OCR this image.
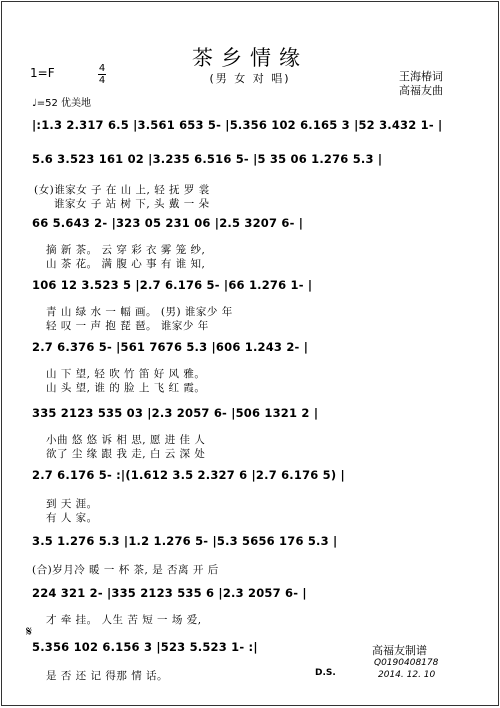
茶乡情缘
(男 女 对 唱)	王海椿词
高福友曲
1=F	4
4
♩=52 优美地
|:1.3 2.317 6.5 |3.561 653 5- |5.356 102 6.165 3 |52 3.432 1- |
5.6 3.523 161 02 |3.235 6.516 5- |5 35 06 1.276 5.3 |
(女)谁家女 子 在 山 上, 轻 抚 罗 裳
谁家女 子 站 树 下, 头 戴 一 朵
66 5.643 2- |323 05 231 06 |2.5 3207 6- |
摘 新 茶。 云 穿 彩 衣 雾 笼 纱,
山 茶 花。 满 腹 心 事 有 谁 知,
106 12 3.523 5 |2.7 6.176 5- |66 1.276 1- |
青 山 绿 水 一 幅 画。 (男) 谁家少 年
轻 叹 一 声 抱 琵 琶。 谁家少 年
2.7 6.376 5- |561 7676 5.3 |606 1.243 2- |
山 下 望, 轻 吹 竹 笛 好 风 雅。
山 头 望, 谁 的 脸 上 飞 红 霞。
335 2123 535 03 |2.3 2057 6- |506 1321 2 |
小曲 悠 悠 诉 相 思, 愿 进 佳 人
欲了 尘 缘 跟 我 走, 白 云 深 处
2.7 6.176 5- :|(1.612 3.5 2.327 6 |2.7 6.176 5) |
到 天 涯。
有 人 家。
3.5 1.276 5.3 |1.2 1.276 5- |5.3 5656 176 5.3 |
(合)岁月冷 暖 一 杯 茶, 是 否离 开 后
224 321 2- |335 2123 535 6 |2.3 2057 6- |
才 牵 挂。 人生 苦 短 一 场 爱,
𝄋
5.356 102 6.156 3 |523 5.523 1- :|
是 否 还 记 得那 情 话。	D.S.
高福友制谱
Q0190408178
2014. 12. 10
